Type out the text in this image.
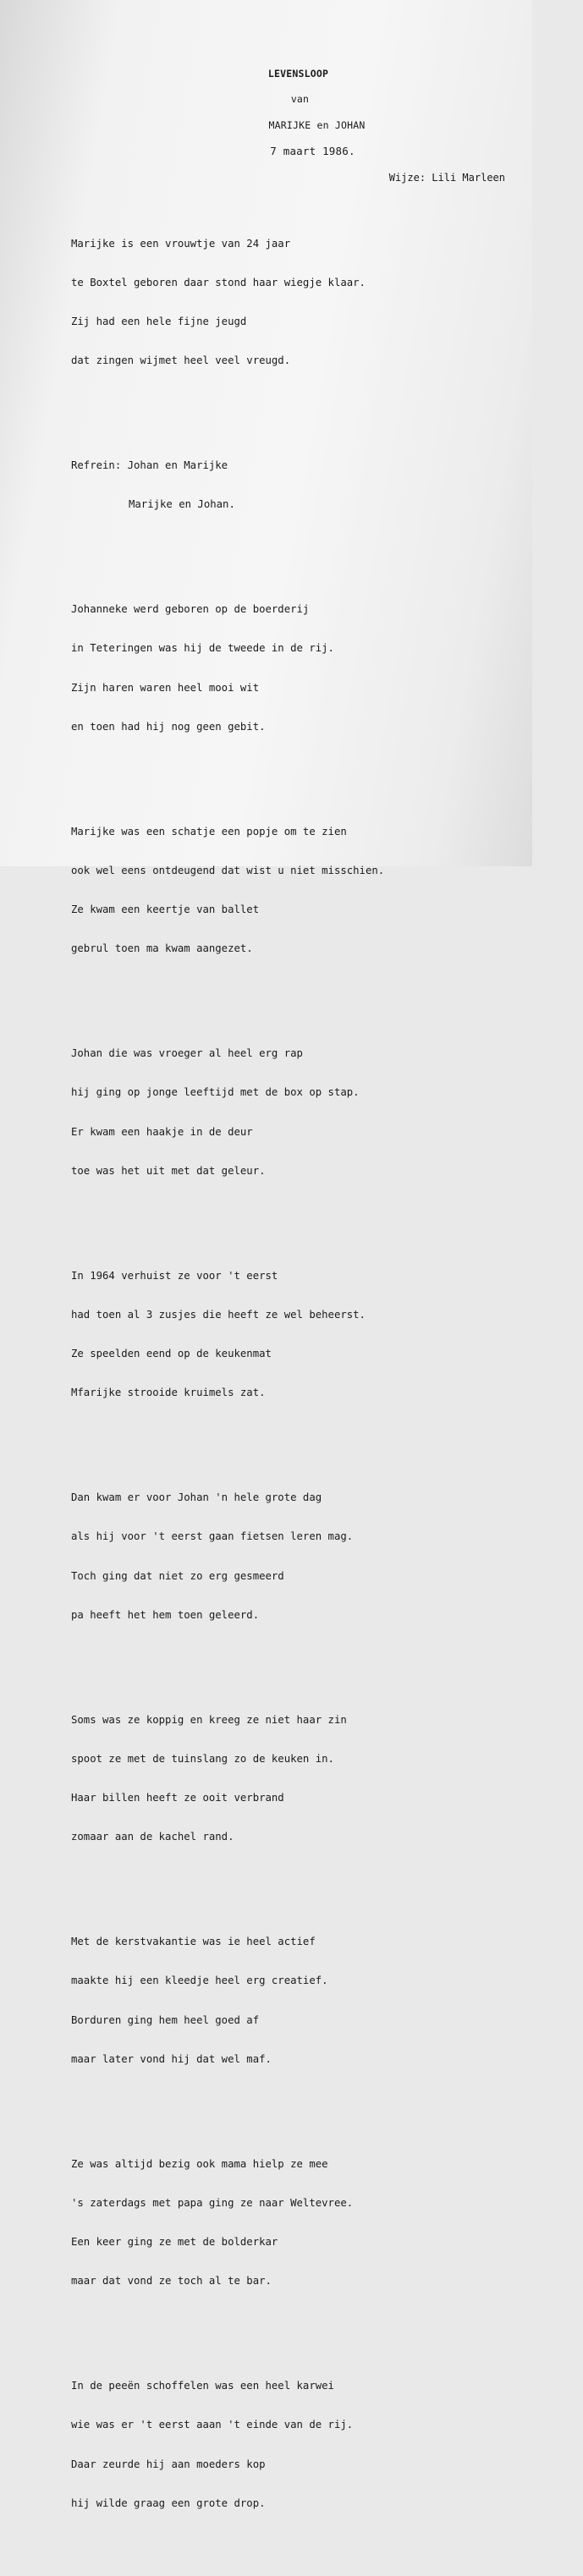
LEVENSLOOP
van
MARIJKE en JOHAN
7 maart 1986.
Wijze: Lili Marleen

Marijke is een vrouwtje van 24 jaar

te Boxtel geboren daar stond haar wiegje klaar.

Zij had een hele fijne jeugd

dat zingen wijmet heel veel vreugd.

Refrein: Johan en Marijke

Marijke en Johan.

Johanneke werd geboren op de boerderij

in Teteringen was hij de tweede in de rij.

Zijn haren waren heel mooi wit

en toen had hij nog geen gebit.

Marijke was een schatje een popje om te zien

ook wel eens ontdeugend dat wist u niet misschien.

Ze kwam een keertje van ballet

gebrul toen ma kwam aangezet.

Johan die was vroeger al heel erg rap

hij ging op jonge leeftijd met de box op stap.

Er kwam een haakje in de deur

toe was het uit met dat geleur.

In 1964 verhuist ze voor 't eerst

had toen al 3 zusjes die heeft ze wel beheerst.

Ze speelden eend op de keukenmat

Mfarijke strooide kruimels zat.

Dan kwam er voor Johan 'n hele grote dag

als hij voor 't eerst gaan fietsen leren mag.

Toch ging dat niet zo erg gesmeerd

pa heeft het hem toen geleerd.

Soms was ze koppig en kreeg ze niet haar zin

spoot ze met de tuinslang zo de keuken in.

Haar billen heeft ze ooit verbrand

zomaar aan de kachel rand.

Met de kerstvakantie was ie heel actief

maakte hij een kleedje heel erg creatief.

Borduren ging hem heel goed af

maar later vond hij dat wel maf.

Ze was altijd bezig ook mama hielp ze mee

's zaterdags met papa ging ze naar Weltevree.

Een keer ging ze met de bolderkar

maar dat vond ze toch al te bar.

In de peeën schoffelen was een heel karwei

wie was er 't eerst aaan 't einde van de rij.

Daar zeurde hij aan moeders kop

hij wilde graag een grote drop.
